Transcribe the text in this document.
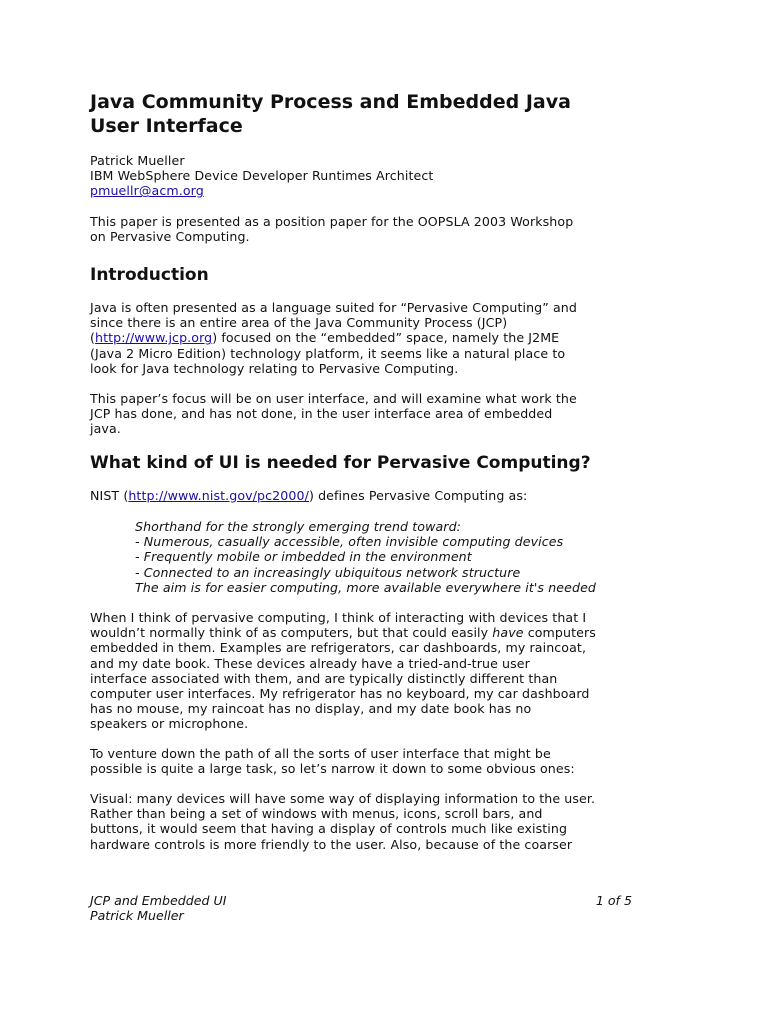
Java Community Process and Embedded Java
User Interface
Patrick Mueller
IBM WebSphere Device Developer Runtimes Architect
pmuellr@acm.org
This paper is presented as a position paper for the OOPSLA 2003 Workshop
on Pervasive Computing.
Introduction
Java is often presented as a language suited for “Pervasive Computing” and
since there is an entire area of the Java Community Process (JCP)
(http://www.jcp.org) focused on the “embedded” space, namely the J2ME
(Java 2 Micro Edition) technology platform, it seems like a natural place to
look for Java technology relating to Pervasive Computing.
This paper’s focus will be on user interface, and will examine what work the
JCP has done, and has not done, in the user interface area of embedded
java.
What kind of UI is needed for Pervasive Computing?
NIST (http://www.nist.gov/pc2000/) defines Pervasive Computing as:
Shorthand for the strongly emerging trend toward:
- Numerous, casually accessible, often invisible computing devices
- Frequently mobile or imbedded in the environment
- Connected to an increasingly ubiquitous network structure
The aim is for easier computing, more available everywhere it's needed
When I think of pervasive computing, I think of interacting with devices that I
wouldn’t normally think of as computers, but that could easily have computers
embedded in them. Examples are refrigerators, car dashboards, my raincoat,
and my date book. These devices already have a tried-and-true user
interface associated with them, and are typically distinctly different than
computer user interfaces. My refrigerator has no keyboard, my car dashboard
has no mouse, my raincoat has no display, and my date book has no
speakers or microphone.
To venture down the path of all the sorts of user interface that might be
possible is quite a large task, so let’s narrow it down to some obvious ones:
Visual: many devices will have some way of displaying information to the user.
Rather than being a set of windows with menus, icons, scroll bars, and
buttons, it would seem that having a display of controls much like existing
hardware controls is more friendly to the user. Also, because of the coarser
JCP and Embedded UI
Patrick Mueller
1 of 5
